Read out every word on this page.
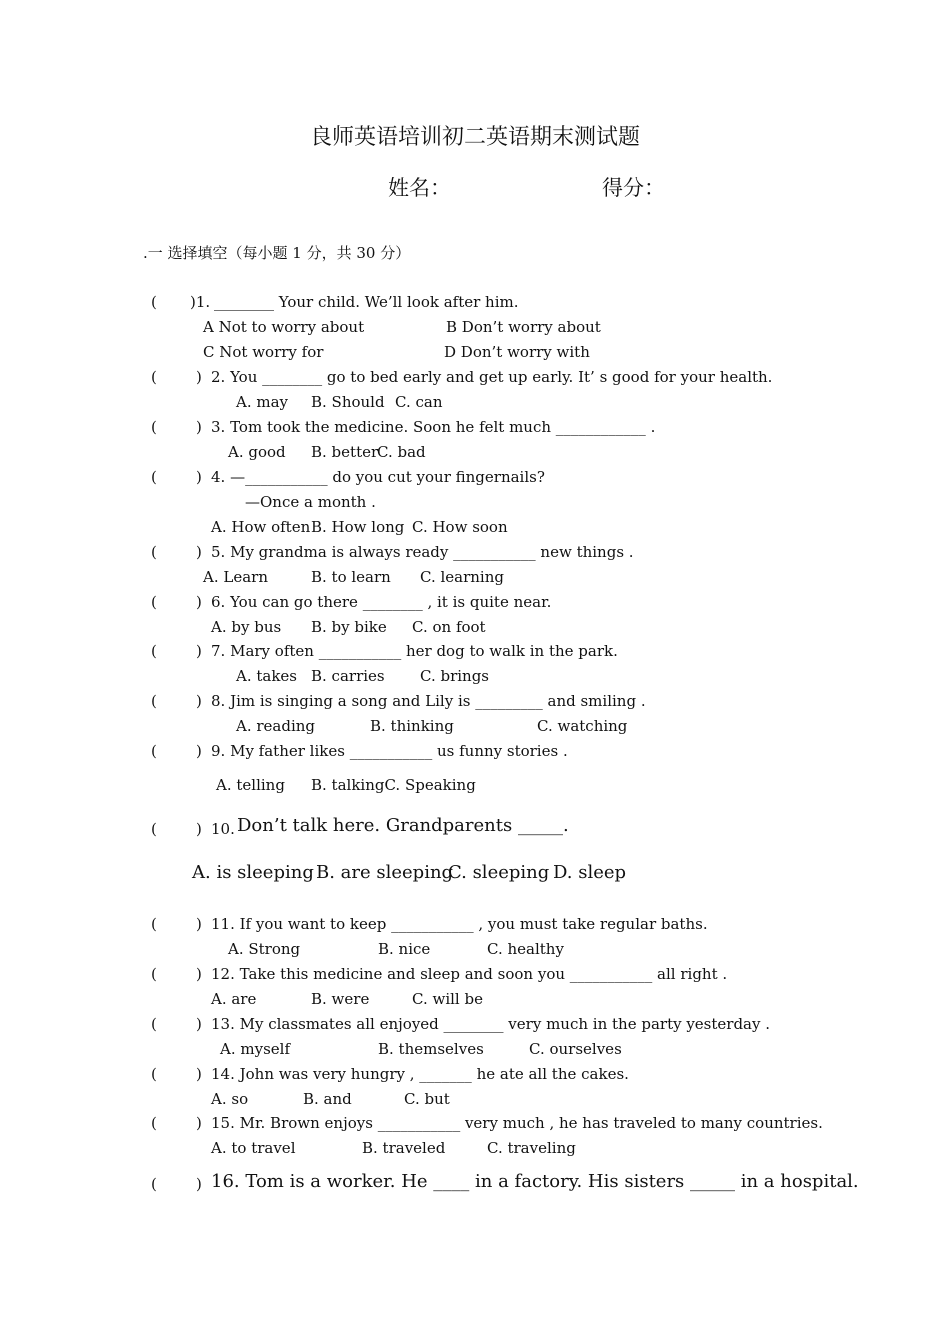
良师英语培训初二英语期末测试题
姓名：	得分：
.一 选择填空（每小题 1 分，共 30 分）
( )1. ________ Your child. We’ll look after him.
A Not to worry about	B Don’t worry about
C Not worry for	D Don’t worry with
(	) 2. You ________ go to bed early and get up early. It’ s good for your health.
A. may B. Should C. can
(	) 3. Tom took the medicine. Soon he felt much ____________ .
A. good B. better
C. bad
(	) 4. —___________ do you cut your fingernails?
—Once a month .
A. How often B. How long C. How soon
(	) 5. My grandma is always ready ___________ new things .
A. Learn	B. to learn C. learning
(	) 6. You can go there ________ , it is quite near.
A. by bus B. by bike C. on foot
(	) 7. Mary often ___________ her dog to walk in the park.
A. takes B. carries C. brings
(	) 8. Jim is singing a song and Lily is _________ and smiling .
A. reading	B. thinking	C. watching
(	) 9. My father likes ___________ us funny stories .
A. telling B. talkingC. Speaking
(	) 10. Don’t talk here. Grandparents _____.
A. is sleeping B. are sleeping
C. sleeping D. sleep
(	) 11. If you want to keep ___________ , you must take regular baths.
A. Strong	B. nice	C. healthy
(	) 12. Take this medicine and sleep and soon you ___________ all right .
A. are	B. were	C. will be
(	) 13. My classmates all enjoyed ________ very much in the party yesterday .
A. myself	B. themselves	C. ourselves
(	) 14. John was very hungry , _______ he ate all the cakes.
A. so	B. and	C. but
(	) 15. Mr. Brown enjoys ___________ very much , he has traveled to many countries.
A. to travel	B. traveled	C. traveling
(	) 16. Tom is a worker. He ____ in a factory. His sisters _____ in a hospital.
